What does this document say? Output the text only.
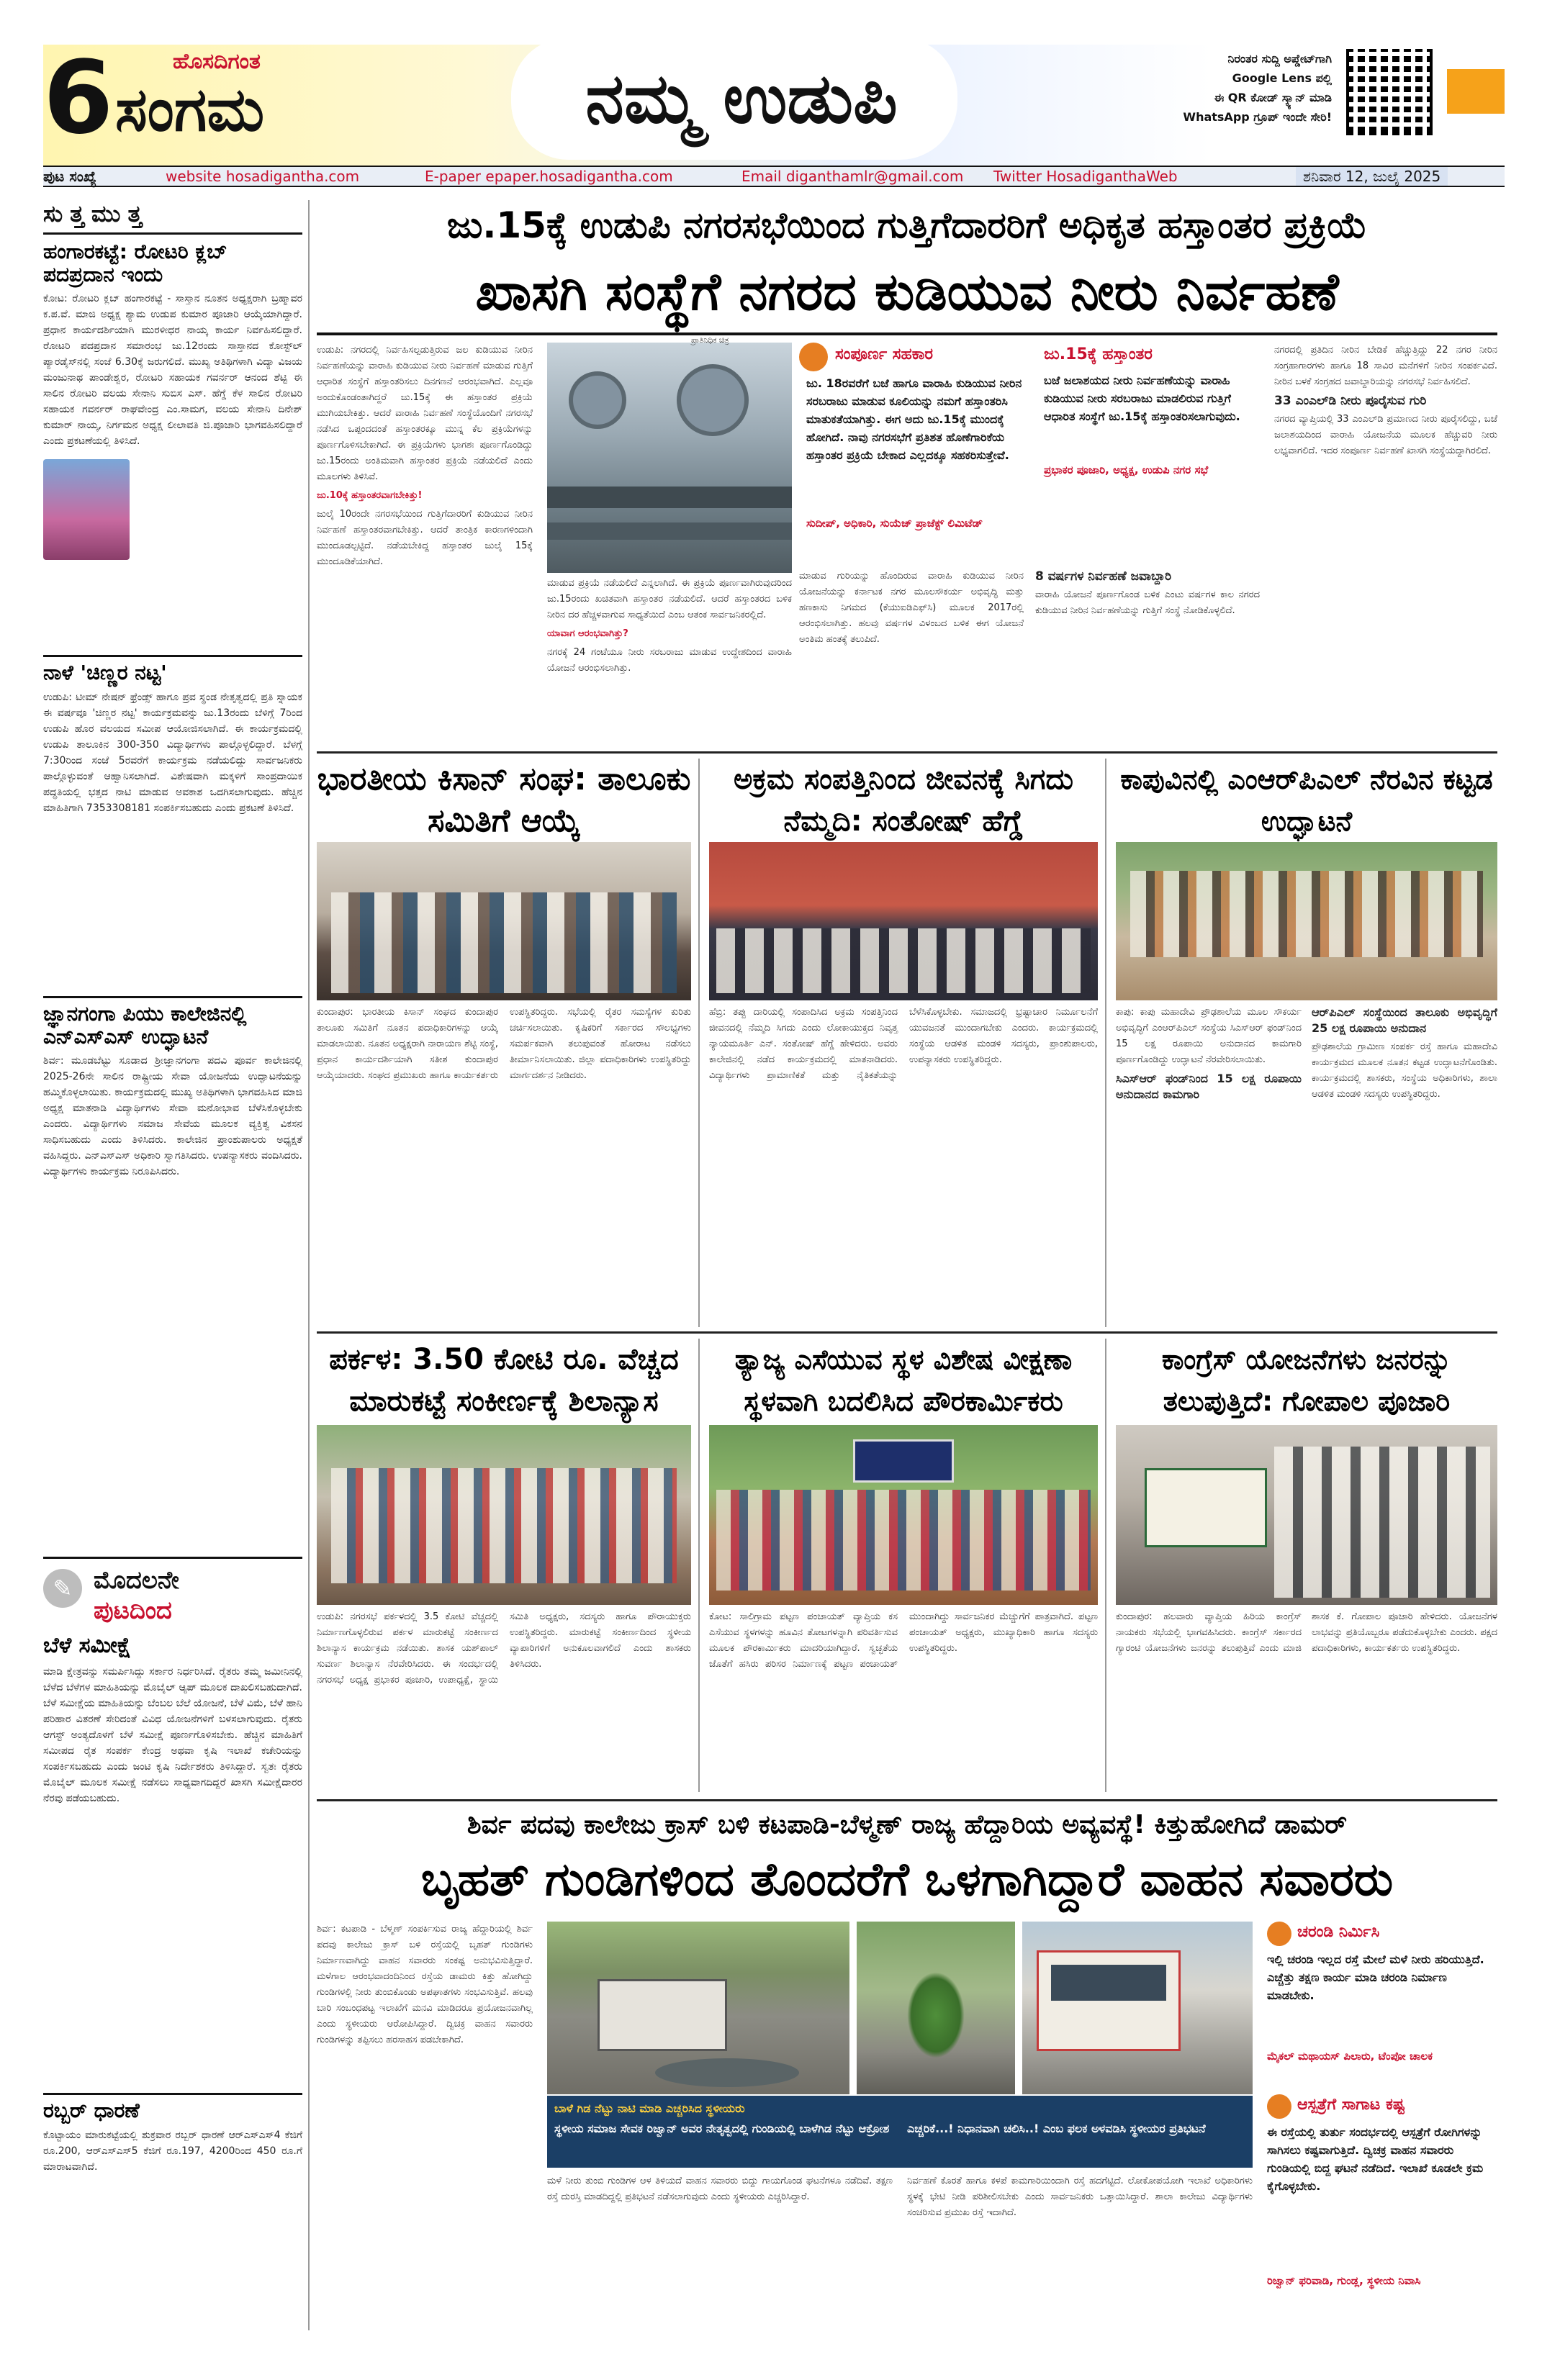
6	ಹೊಸದಿಗಂತ
ಸಂಗಮ	ನಮ್ಮ ಉಡುಪಿ	ನಿರಂತರ ಸುದ್ದಿ ಅಪ್ಡೇಟ್‌ಗಾಗಿ
Google Lens ಪಲ್ಲಿ
ಈ QR ಕೋಡ್ ಸ್ಕ್ಯಾನ್ ಮಾಡಿ
WhatsApp ಗ್ರೂಪ್ ಇಂದೇ ಸೇರಿ!
ಪುಟ ಸಂಖ್ಯೆ	website hosadigantha.com	E-paper epaper.hosadigantha.com	Email diganthamlr@gmail.com Twitter HosadiganthaWeb	ಶನಿವಾರ 12, ಜುಲೈ 2025
ಸುತ್ತಮುತ್ತ
ಹಂಗಾರಕಟ್ಟೆ: ರೋಟರಿ ಕ್ಲಬ್ ಪದಪ್ರದಾನ ಇಂದು
ಕೋಟ: ರೋಟರಿ ಕ್ಲಬ್ ಹಂಗಾರಕಟ್ಟೆ - ಸಾಸ್ತಾನ ನೂತನ ಅಧ್ಯಕ್ಷರಾಗಿ ಬ್ರಹ್ಮಾವರ ಕ.ಪ.ವೆ. ಮಾಜಿ ಅಧ್ಯಕ್ಷ ಶ್ಯಾಮ ಉಡುಪ ಕುಮಾರ ಪೂಜಾರಿ ಆಯ್ಕೆಯಾಗಿದ್ದಾರೆ. ಪ್ರಧಾನ ಕಾರ್ಯದರ್ಶಿಯಾಗಿ ಮುರಳೀಧರ ನಾಯ್ಕ ಕಾರ್ಯ ನಿರ್ವಹಿಸಲಿದ್ದಾರೆ. ರೋಟರಿ ಪದಪ್ರದಾನ ಸಮಾರಂಭ ಜು.12ರಂದು ಸಾಸ್ತಾನದ ಕೋಸ್ಟ್‌ಲ್ ಪ್ಯಾರಡೈಸ್‌ನಲ್ಲಿ ಸಂಜೆ 6.30ಕ್ಕೆ ಜರುಗಲಿದೆ. ಮುಖ್ಯ ಅತಿಥಿಗಳಾಗಿ ವಿದ್ಯಾ ವಿಜಯ ಮಂಜುನಾಥ ಪಾಂಡೇಶ್ವರ, ರೋಟರಿ ಸಹಾಯಕ ಗವರ್ನರ್ ಆನಂದ ಶೆಟ್ಟಿ ಈ ಸಾಲಿನ ರೋಟರಿ ವಲಯ ಸೇನಾನಿ ಸುಬಿಸ ಎಸ್. ಹೆಗ್ಡೆ ಕೆಳ ಸಾಲಿನ ರೋಟರಿ ಸಹಾಯಕ ಗವರ್ನರ್ ರಾಘವೇಂದ್ರ ಎಂ.ಸಾಮಗ, ವಲಯ ಸೇನಾನಿ ದಿನೇಶ್ ಕುಮಾರ್ ನಾಯ್ಕ, ನಿರ್ಗಮನ ಅಧ್ಯಕ್ಷ ಲೀಲಾವತಿ ಜಿ.ಪೂಜಾರಿ ಭಾಗವಹಿಸಲಿದ್ದಾರೆ ಎಂದು ಪ್ರಕಟಣೆಯಲ್ಲಿ ತಿಳಿಸಿದೆ.
ನಾಳೆ 'ಚಿಣ್ಣರ ನಟ್ಟ'
ಉಡುಪಿ: ಟೀಮ್ ನೇಷನ್ ಫ್ರೆಂಡ್ಸ್ ಹಾಗೂ ಪ್ರವ ಸ್ಥಂಡ ನೇತೃತ್ವದಲ್ಲಿ ಪ್ರತಿ ಸ್ನಾಯಕ ಈ ವರ್ಷವೂ 'ಚಿಣ್ಣರ ನಟ್ಟ' ಕಾರ್ಯಕ್ರಮವನ್ನು ಜು.13ರಂದು ಬೆಳಿಗ್ಗೆ 7ರಿಂದ ಉಡುಪಿ ಹೊರ ವಲಯದ ಸಮೀಪ ಆಯೋಜಿಸಲಾಗಿದೆ. ಈ ಕಾರ್ಯಕ್ರಮದಲ್ಲಿ ಉಡುಪಿ ತಾಲೂಕಿನ 300-350 ವಿದ್ಯಾರ್ಥಿಗಳು ಪಾಲ್ಗೊಳ್ಳಲಿದ್ದಾರೆ. ಬೆಳಗ್ಗೆ 7:30ರಿಂದ ಸಂಜೆ 5ರವರೆಗೆ ಕಾರ್ಯಕ್ರಮ ನಡೆಯಲಿದ್ದು ಸಾರ್ವಜನಿಕರು ಪಾಲ್ಗೊಳ್ಳುವಂತೆ ಆಹ್ವಾನಿಸಲಾಗಿದೆ. ವಿಶೇಷವಾಗಿ ಮಕ್ಕಳಿಗೆ ಸಾಂಪ್ರದಾಯಿಕ ಪದ್ಧತಿಯಲ್ಲಿ ಭತ್ತದ ನಾಟಿ ಮಾಡುವ ಅವಕಾಶ ಒದಗಿಸಲಾಗುವುದು. ಹೆಚ್ಚಿನ ಮಾಹಿತಿಗಾಗಿ 7353308181 ಸಂಪರ್ಕಿಸಬಹುದು ಎಂದು ಪ್ರಕಟಣೆ ತಿಳಿಸಿದೆ.
ಜ್ಞಾನಗಂಗಾ ಪಿಯು ಕಾಲೇಜಿನಲ್ಲಿ ಎನ್ಎಸ್ಎಸ್ ಉದ್ಘಾಟನೆ
ಶಿರ್ವ: ಮೂಡಬೆಟ್ಟು ಸೂಡಾದ ಶ್ರೀಜ್ಞಾನಗಂಗಾ ಪದವಿ ಪೂರ್ವ ಕಾಲೇಜಿನಲ್ಲಿ 2025-26ನೇ ಸಾಲಿನ ರಾಷ್ಟ್ರೀಯ ಸೇವಾ ಯೋಜನೆಯ ಉದ್ಘಾಟನೆಯನ್ನು ಹಮ್ಮಿಕೊಳ್ಳಲಾಯಿತು. ಕಾರ್ಯಕ್ರಮದಲ್ಲಿ ಮುಖ್ಯ ಅತಿಥಿಗಳಾಗಿ ಭಾಗವಹಿಸಿದ ಮಾಜಿ ಅಧ್ಯಕ್ಷ ಮಾತನಾಡಿ ವಿದ್ಯಾರ್ಥಿಗಳು ಸೇವಾ ಮನೋಭಾವ ಬೆಳೆಸಿಕೊಳ್ಳಬೇಕು ಎಂದರು. ವಿದ್ಯಾರ್ಥಿಗಳು ಸಮಾಜ ಸೇವೆಯ ಮೂಲಕ ವ್ಯಕ್ತಿತ್ವ ವಿಕಸನ ಸಾಧಿಸಬಹುದು ಎಂದು ತಿಳಿಸಿದರು. ಕಾಲೇಜಿನ ಪ್ರಾಂಶುಪಾಲರು ಅಧ್ಯಕ್ಷತೆ ವಹಿಸಿದ್ದರು. ಎನ್ಎಸ್ಎಸ್ ಅಧಿಕಾರಿ ಸ್ವಾಗತಿಸಿದರು. ಉಪನ್ಯಾಸಕರು ವಂದಿಸಿದರು. ವಿದ್ಯಾರ್ಥಿಗಳು ಕಾರ್ಯಕ್ರಮ ನಿರೂಪಿಸಿದರು.
✎ ಮೊದಲನೇ
ಪುಟದಿಂದ
ಬೆಳೆ ಸಮೀಕ್ಷೆ
ಮಾಡಿ ಕ್ಷೇತ್ರವನ್ನು ಸಮರ್ಪಿಸಿದ್ದು ಸರ್ಕಾರ ನಿರ್ಧರಿಸಿದೆ. ರೈತರು ತಮ್ಮ ಜಮೀನಿನಲ್ಲಿ ಬೆಳೆದ ಬೆಳೆಗಳ ಮಾಹಿತಿಯನ್ನು ಮೊಬೈಲ್ ಆ್ಯಪ್ ಮೂಲಕ ದಾಖಲಿಸಬಹುದಾಗಿದೆ. ಬೆಳೆ ಸಮೀಕ್ಷೆಯ ಮಾಹಿತಿಯನ್ನು ಬೆಂಬಲ ಬೆಲೆ ಯೋಜನೆ, ಬೆಳೆ ವಿಮೆ, ಬೆಳೆ ಹಾನಿ ಪರಿಹಾರ ವಿತರಣೆ ಸೇರಿದಂತೆ ವಿವಿಧ ಯೋಜನೆಗಳಿಗೆ ಬಳಸಲಾಗುವುದು. ರೈತರು ಆಗಸ್ಟ್ ಅಂತ್ಯದೊಳಗೆ ಬೆಳೆ ಸಮೀಕ್ಷೆ ಪೂರ್ಣಗೊಳಿಸಬೇಕು. ಹೆಚ್ಚಿನ ಮಾಹಿತಿಗೆ ಸಮೀಪದ ರೈತ ಸಂಪರ್ಕ ಕೇಂದ್ರ ಅಥವಾ ಕೃಷಿ ಇಲಾಖೆ ಕಚೇರಿಯನ್ನು ಸಂಪರ್ಕಿಸಬಹುದು ಎಂದು ಜಂಟಿ ಕೃಷಿ ನಿರ್ದೇಶಕರು ತಿಳಿಸಿದ್ದಾರೆ. ಸ್ವತಃ ರೈತರು ಮೊಬೈಲ್ ಮೂಲಕ ಸಮೀಕ್ಷೆ ನಡೆಸಲು ಸಾಧ್ಯವಾಗದಿದ್ದರೆ ಖಾಸಗಿ ಸಮೀಕ್ಷೆದಾರರ ನೆರವು ಪಡೆಯಬಹುದು.
ರಬ್ಬರ್ ಧಾರಣೆ
ಕೊಟ್ಟಾಯಂ ಮಾರುಕಟ್ಟೆಯಲ್ಲಿ ಶುಕ್ರವಾರ ರಬ್ಬರ್ ಧಾರಣೆ ಆರ್‌ಎಸ್‌ಎಸ್‌4 ಕೆಜಿಗೆ ರೂ.200, ಆರ್‌ಎಸ್‌ಎಸ್‌5 ಕೆಜಿಗೆ ರೂ.197, 4200ರಿಂದ 450 ರೂ.ಗೆ ಮಾರಾಟವಾಗಿದೆ.
ಜು.15ಕ್ಕೆ ಉಡುಪಿ ನಗರಸಭೆಯಿಂದ ಗುತ್ತಿಗೆದಾರರಿಗೆ ಅಧಿಕೃತ ಹಸ್ತಾಂತರ ಪ್ರಕ್ರಿಯೆ
ಖಾಸಗಿ ಸಂಸ್ಥೆಗೆ ನಗರದ ಕುಡಿಯುವ ನೀರು ನಿರ್ವಹಣೆ

ಉಡುಪಿ: ನಗರದಲ್ಲಿ ನಿರ್ವಹಿಸಲ್ಪಡುತ್ತಿರುವ ಜಲ ಕುಡಿಯುವ ನೀರಿನ ನಿರ್ವಹಣೆಯನ್ನು ವಾರಾಹಿ ಕುಡಿಯುವ ನೀರು ನಿರ್ವಹಣೆ ಮಾಡುವ ಗುತ್ತಿಗೆ ಆಧಾರಿತ ಸಂಸ್ಥೆಗೆ ಹಸ್ತಾಂತರಿಸಲು ದಿನಗಣನೆ ಆರಂಭವಾಗಿದೆ. ಎಲ್ಲವೂ ಅಂದುಕೊಂಡಂತಾಗಿದ್ದರೆ ಜು.15ಕ್ಕೆ ಈ ಹಸ್ತಾಂತರ ಪ್ರಕ್ರಿಯೆ ಮುಗಿಯಬೇಕಿತ್ತು. ಆದರೆ ವಾರಾಹಿ ನಿರ್ವಹಣೆ ಸಂಸ್ಥೆಯೊಂದಿಗೆ ನಗರಸಭೆ ನಡೆಸಿದ ಒಪ್ಪಂದದಂತೆ ಹಸ್ತಾಂತರಕ್ಕೂ ಮುನ್ನ ಕೆಲ ಪ್ರಕ್ರಿಯೆಗಳನ್ನು ಪೂರ್ಣಗೊಳಿಸಬೇಕಾಗಿದೆ. ಈ ಪ್ರಕ್ರಿಯೆಗಳು ಭಾಗಶಃ ಪೂರ್ಣಗೊಂಡಿದ್ದು ಜು.15ರಂದು ಅಂತಿಮವಾಗಿ ಹಸ್ತಾಂತರ ಪ್ರಕ್ರಿಯೆ ನಡೆಯಲಿದೆ ಎಂದು ಮೂಲಗಳು ತಿಳಿಸಿವೆ.

ಜು.10ಕ್ಕೆ ಹಸ್ತಾಂತರವಾಗಬೇಕಿತ್ತು!

ಜುಲೈ 10ರಂದೇ ನಗರಸಭೆಯಿಂದ ಗುತ್ತಿಗೆದಾರರಿಗೆ ಕುಡಿಯುವ ನೀರಿನ ನಿರ್ವಹಣೆ ಹಸ್ತಾಂತರವಾಗಬೇಕಿತ್ತು. ಆದರೆ ತಾಂತ್ರಿಕ ಕಾರಣಗಳಿಂದಾಗಿ ಮುಂದೂಡಲ್ಪಟ್ಟಿದೆ. ನಡೆಯಬೇಕಿದ್ದ ಹಸ್ತಾಂತರ ಜುಲೈ 15ಕ್ಕೆ ಮುಂದೂಡಿಕೆಯಾಗಿದೆ.

ಪ್ರಾತಿನಿಧಿಕ ಚಿತ್ರ

ಮಾಡುವ ಪ್ರಕ್ರಿಯೆ ನಡೆಯಲಿದೆ ಎನ್ನಲಾಗಿದೆ. ಈ ಪ್ರಕ್ರಿಯೆ ಪೂರ್ಣವಾಗಿರುವುದರಿಂದ ಜು.15ರಂದು ಖಚಿತವಾಗಿ ಹಸ್ತಾಂತರ ನಡೆಯಲಿದೆ. ಆದರೆ ಹಸ್ತಾಂತರದ ಬಳಿಕ ನೀರಿನ ದರ ಹೆಚ್ಚಳವಾಗುವ ಸಾಧ್ಯತೆಯಿದೆ ಎಂಬ ಆತಂಕ ಸಾರ್ವಜನಿಕರಲ್ಲಿದೆ.

ಯಾವಾಗ ಆರಂಭವಾಗಿತ್ತು?

ನಗರಕ್ಕೆ 24 ಗಂಟೆಯೂ ನೀರು ಸರಬರಾಜು ಮಾಡುವ ಉದ್ದೇಶದಿಂದ ವಾರಾಹಿ ಯೋಜನೆ ಆರಂಭಿಸಲಾಗಿತ್ತು.

ಸಂಪೂರ್ಣ ಸಹಕಾರ
ಜು. 18ರವರೆಗೆ ಬಜೆ ಹಾಗೂ ವಾರಾಹಿ ಕುಡಿಯುವ ನೀರಿನ ಸರಬರಾಜು ಮಾಡುವ ಕೂಲಿಯನ್ನು ನಮಗೆ ಹಸ್ತಾಂತರಿಸಿ ಮಾತುಕತೆಯಾಗಿತ್ತು. ಈಗ ಅದು ಜು.15ಕ್ಕೆ ಮುಂದಕ್ಕೆ ಹೋಗಿದೆ. ನಾವು ನಗರಸಭೆಗೆ ಪ್ರತಿಶತ ಹೊಣೆಗಾರಿಕೆಯ ಹಸ್ತಾಂತರ ಪ್ರಕ್ರಿಯೆ ಬೇಕಾದ ಎಲ್ಲದಕ್ಕೂ ಸಹಕರಿಸುತ್ತೇವೆ.
ಸುದೀಪ್, ಅಧಿಕಾರಿ, ಸುಯೆಜ್ ಪ್ರಾಜೆಕ್ಟ್ ಲಿಮಿಟೆಡ್
ಜು.15ಕ್ಕೆ ಹಸ್ತಾಂತರ
ಬಜೆ ಜಲಾಶಯದ ನೀರು ನಿರ್ವಹಣೆಯನ್ನು ವಾರಾಹಿ ಕುಡಿಯುವ ನೀರು ಸರಬರಾಜು ಮಾಡಲಿರುವ ಗುತ್ತಿಗೆ ಆಧಾರಿತ ಸಂಸ್ಥೆಗೆ ಜು.15ಕ್ಕೆ ಹಸ್ತಾಂತರಿಸಲಾಗುವುದು.
ಪ್ರಭಾಕರ ಪೂಜಾರಿ, ಅಧ್ಯಕ್ಷ, ಉಡುಪಿ ನಗರ ಸಭೆ

ಮಾಡುವ ಗುರಿಯನ್ನು ಹೊಂದಿರುವ ವಾರಾಹಿ ಕುಡಿಯುವ ನೀರಿನ ಯೋಜನೆಯನ್ನು ಕರ್ನಾಟಕ ನಗರ ಮೂಲಸೌಕರ್ಯ ಅಭಿವೃದ್ಧಿ ಮತ್ತು ಹಣಕಾಸು ನಿಗಮದ (ಕೆಯುಐಡಿಎಫ್‌ಸಿ) ಮೂಲಕ 2017ರಲ್ಲಿ ಆರಂಭಿಸಲಾಗಿತ್ತು. ಹಲವು ವರ್ಷಗಳ ವಿಳಂಬದ ಬಳಿಕ ಈಗ ಯೋಜನೆ ಅಂತಿಮ ಹಂತಕ್ಕೆ ತಲುಪಿದೆ.

8 ವರ್ಷಗಳ ನಿರ್ವಹಣೆ ಜವಾಬ್ದಾರಿ

ವಾರಾಹಿ ಯೋಜನೆ ಪೂರ್ಣಗೊಂಡ ಬಳಿಕ ಎಂಟು ವರ್ಷಗಳ ಕಾಲ ನಗರದ ಕುಡಿಯುವ ನೀರಿನ ನಿರ್ವಹಣೆಯನ್ನು ಗುತ್ತಿಗೆ ಸಂಸ್ಥೆ ನೋಡಿಕೊಳ್ಳಲಿದೆ.

ನಗರದಲ್ಲಿ ಪ್ರತಿದಿನ ನೀರಿನ ಬೇಡಿಕೆ ಹೆಚ್ಚುತ್ತಿದ್ದು 22 ನಗರ ನೀರಿನ ಸಂಗ್ರಹಾಗಾರಗಳು ಹಾಗೂ 18 ಸಾವಿರ ಮನೆಗಳಿಗೆ ನೀರಿನ ಸಂಪರ್ಕವಿದೆ. ನೀರಿನ ಬಳಕೆ ಸಂಗ್ರಹದ ಜವಾಬ್ದಾರಿಯನ್ನು ನಗರಸಭೆ ನಿರ್ವಹಿಸಲಿದೆ.

33 ಎಂಎಲ್‌ಡಿ ನೀರು ಪೂರೈಸುವ ಗುರಿ

ನಗರದ ವ್ಯಾಪ್ತಿಯಲ್ಲಿ 33 ಎಂಎಲ್‌ಡಿ ಪ್ರಮಾಣದ ನೀರು ಪೂರೈಸಲಿದ್ದು, ಬಜೆ ಜಲಾಶಯದಿಂದ ವಾರಾಹಿ ಯೋಜನೆಯ ಮೂಲಕ ಹೆಚ್ಚುವರಿ ನೀರು ಲಭ್ಯವಾಗಲಿದೆ. ಇದರ ಸಂಪೂರ್ಣ ನಿರ್ವಹಣೆ ಖಾಸಗಿ ಸಂಸ್ಥೆಯದ್ದಾಗಿರಲಿದೆ.

ಭಾರತೀಯ ಕಿಸಾನ್ ಸಂಘ: ತಾಲೂಕು ಸಮಿತಿಗೆ ಆಯ್ಕೆ
ಕುಂದಾಪುರ: ಭಾರತೀಯ ಕಿಸಾನ್ ಸಂಘದ ಕುಂದಾಪುರ ತಾಲೂಕು ಸಮಿತಿಗೆ ನೂತನ ಪದಾಧಿಕಾರಿಗಳನ್ನು ಆಯ್ಕೆ ಮಾಡಲಾಯಿತು. ನೂತನ ಅಧ್ಯಕ್ಷರಾಗಿ ನಾರಾಯಣ ಶೆಟ್ಟಿ ಸಂಸ್ಥೆ, ಪ್ರಧಾನ ಕಾರ್ಯದರ್ಶಿಯಾಗಿ ಸತೀಶ ಕುಂದಾಪುರ ಆಯ್ಕೆಯಾದರು. ಸಂಘದ ಪ್ರಮುಖರು ಹಾಗೂ ಕಾರ್ಯಕರ್ತರು ಉಪಸ್ಥಿತರಿದ್ದರು. ಸಭೆಯಲ್ಲಿ ರೈತರ ಸಮಸ್ಯೆಗಳ ಕುರಿತು ಚರ್ಚಿಸಲಾಯಿತು. ಕೃಷಿಕರಿಗೆ ಸರ್ಕಾರದ ಸೌಲಭ್ಯಗಳು ಸಮರ್ಪಕವಾಗಿ ತಲುಪುವಂತೆ ಹೋರಾಟ ನಡೆಸಲು ತೀರ್ಮಾನಿಸಲಾಯಿತು. ಜಿಲ್ಲಾ ಪದಾಧಿಕಾರಿಗಳು ಉಪಸ್ಥಿತರಿದ್ದು ಮಾರ್ಗದರ್ಶನ ನೀಡಿದರು.
ಅಕ್ರಮ ಸಂಪತ್ತಿನಿಂದ ಜೀವನಕ್ಕೆ ಸಿಗದು ನೆಮ್ಮದಿ: ಸಂತೋಷ್ ಹೆಗ್ಡೆ
ಹೆಬ್ರಿ: ತಪ್ಪು ದಾರಿಯಲ್ಲಿ ಸಂಪಾದಿಸಿದ ಅಕ್ರಮ ಸಂಪತ್ತಿನಿಂದ ಜೀವನದಲ್ಲಿ ನೆಮ್ಮದಿ ಸಿಗದು ಎಂದು ಲೋಕಾಯುಕ್ತದ ನಿವೃತ್ತ ನ್ಯಾಯಮೂರ್ತಿ ಎನ್. ಸಂತೋಷ್ ಹೆಗ್ಡೆ ಹೇಳಿದರು. ಅವರು ಕಾಲೇಜಿನಲ್ಲಿ ನಡೆದ ಕಾರ್ಯಕ್ರಮದಲ್ಲಿ ಮಾತನಾಡಿದರು. ವಿದ್ಯಾರ್ಥಿಗಳು ಪ್ರಾಮಾಣಿಕತೆ ಮತ್ತು ನೈತಿಕತೆಯನ್ನು ಬೆಳೆಸಿಕೊಳ್ಳಬೇಕು. ಸಮಾಜದಲ್ಲಿ ಭ್ರಷ್ಟಾಚಾರ ನಿರ್ಮೂಲನೆಗೆ ಯುವಜನತೆ ಮುಂದಾಗಬೇಕು ಎಂದರು. ಕಾರ್ಯಕ್ರಮದಲ್ಲಿ ಸಂಸ್ಥೆಯ ಆಡಳಿತ ಮಂಡಳಿ ಸದಸ್ಯರು, ಪ್ರಾಂಶುಪಾಲರು, ಉಪನ್ಯಾಸಕರು ಉಪಸ್ಥಿತರಿದ್ದರು.
ಕಾಪುವಿನಲ್ಲಿ ಎಂಆರ್‌ಪಿಎಲ್ ನೆರವಿನ ಕಟ್ಟಡ ಉದ್ಘಾಟನೆ

ಕಾಪು: ಕಾಪು ಮಹಾದೇವಿ ಪ್ರೌಢಶಾಲೆಯ ಮೂಲ ಸೌಕರ್ಯ ಅಭಿವೃದ್ಧಿಗೆ ಎಂಆರ್‌ಪಿಎಲ್ ಸಂಸ್ಥೆಯ ಸಿಎಸ್ಆರ್ ಫಂಡ್‌ನಿಂದ 15 ಲಕ್ಷ ರೂಪಾಯಿ ಅನುದಾನದ ಕಾಮಗಾರಿ ಪೂರ್ಣಗೊಂಡಿದ್ದು ಉದ್ಘಾಟನೆ ನೆರವೇರಿಸಲಾಯಿತು.

ಸಿಎಸ್ಆರ್ ಫಂಡ್‌ನಿಂದ 15 ಲಕ್ಷ ರೂಪಾಯಿ ಅನುದಾನದ ಕಾಮಗಾರಿ

ಆರ್‌ಪಿಎಲ್ ಸಂಸ್ಥೆಯಿಂದ ತಾಲೂಕು ಅಭಿವೃದ್ಧಿಗೆ 25 ಲಕ್ಷ ರೂಪಾಯಿ ಅನುದಾನ

ಪ್ರೌಢಶಾಲೆಯ ಗ್ರಾಮೀಣ ಸಂಪರ್ಕ ರಸ್ತೆ ಹಾಗೂ ಮಹಾದೇವಿ ಕಾರ್ಯಕ್ರಮದ ಮೂಲಕ ನೂತನ ಕಟ್ಟಡ ಉದ್ಘಾಟನೆಗೊಂಡಿತು. ಕಾರ್ಯಕ್ರಮದಲ್ಲಿ ಶಾಸಕರು, ಸಂಸ್ಥೆಯ ಅಧಿಕಾರಿಗಳು, ಶಾಲಾ ಆಡಳಿತ ಮಂಡಳಿ ಸದಸ್ಯರು ಉಪಸ್ಥಿತರಿದ್ದರು.

ಪರ್ಕಳ: 3.50 ಕೋಟಿ ರೂ. ವೆಚ್ಚದ ಮಾರುಕಟ್ಟೆ ಸಂಕೀರ್ಣಕ್ಕೆ ಶಿಲಾನ್ಯಾಸ
ಉಡುಪಿ: ನಗರಸಭೆ ಪರ್ಕಳದಲ್ಲಿ 3.5 ಕೋಟಿ ವೆಚ್ಚದಲ್ಲಿ ನಿರ್ಮಾಣಗೊಳ್ಳಲಿರುವ ಪರ್ಕಳ ಮಾರುಕಟ್ಟೆ ಸಂಕೀರ್ಣದ ಶಿಲಾನ್ಯಾಸ ಕಾರ್ಯಕ್ರಮ ನಡೆಯಿತು. ಶಾಸಕ ಯಶ್‌ಪಾಲ್ ಸುವರ್ಣ ಶಿಲಾನ್ಯಾಸ ನೆರವೇರಿಸಿದರು. ಈ ಸಂದರ್ಭದಲ್ಲಿ ನಗರಸಭೆ ಅಧ್ಯಕ್ಷ ಪ್ರಭಾಕರ ಪೂಜಾರಿ, ಉಪಾಧ್ಯಕ್ಷೆ, ಸ್ಥಾಯಿ ಸಮಿತಿ ಅಧ್ಯಕ್ಷರು, ಸದಸ್ಯರು ಹಾಗೂ ಪೌರಾಯುಕ್ತರು ಉಪಸ್ಥಿತರಿದ್ದರು. ಮಾರುಕಟ್ಟೆ ಸಂಕೀರ್ಣದಿಂದ ಸ್ಥಳೀಯ ವ್ಯಾಪಾರಿಗಳಿಗೆ ಅನುಕೂಲವಾಗಲಿದೆ ಎಂದು ಶಾಸಕರು ತಿಳಿಸಿದರು.
ತ್ಯಾಜ್ಯ ಎಸೆಯುವ ಸ್ಥಳ ವಿಶೇಷ ವೀಕ್ಷಣಾ ಸ್ಥಳವಾಗಿ ಬದಲಿಸಿದ ಪೌರಕಾರ್ಮಿಕರು
ಕೋಟ: ಸಾಲಿಗ್ರಾಮ ಪಟ್ಟಣ ಪಂಚಾಯತ್ ವ್ಯಾಪ್ತಿಯ ಕಸ ಎಸೆಯುವ ಸ್ಥಳಗಳನ್ನು ಹೂವಿನ ತೋಟಗಳನ್ನಾಗಿ ಪರಿವರ್ತಿಸುವ ಮೂಲಕ ಪೌರಕಾರ್ಮಿಕರು ಮಾದರಿಯಾಗಿದ್ದಾರೆ. ಸ್ವಚ್ಛತೆಯ ಜೊತೆಗೆ ಹಸಿರು ಪರಿಸರ ನಿರ್ಮಾಣಕ್ಕೆ ಪಟ್ಟಣ ಪಂಚಾಯತ್ ಮುಂದಾಗಿದ್ದು ಸಾರ್ವಜನಿಕರ ಮೆಚ್ಚುಗೆಗೆ ಪಾತ್ರವಾಗಿದೆ. ಪಟ್ಟಣ ಪಂಚಾಯತ್ ಅಧ್ಯಕ್ಷರು, ಮುಖ್ಯಾಧಿಕಾರಿ ಹಾಗೂ ಸದಸ್ಯರು ಉಪಸ್ಥಿತರಿದ್ದರು.
ಕಾಂಗ್ರೆಸ್ ಯೋಜನೆಗಳು ಜನರನ್ನು ತಲುಪುತ್ತಿದೆ: ಗೋಪಾಲ ಪೂಜಾರಿ
ಕುಂದಾಪುರ: ಹಲವಾರು ವ್ಯಾಪ್ತಿಯ ಹಿರಿಯ ಕಾಂಗ್ರೆಸ್ ನಾಯಕರು ಸಭೆಯಲ್ಲಿ ಭಾಗವಹಿಸಿದರು. ಕಾಂಗ್ರೆಸ್ ಸರ್ಕಾರದ ಗ್ಯಾರಂಟಿ ಯೋಜನೆಗಳು ಜನರನ್ನು ತಲುಪುತ್ತಿವೆ ಎಂದು ಮಾಜಿ ಶಾಸಕ ಕೆ. ಗೋಪಾಲ ಪೂಜಾರಿ ಹೇಳಿದರು. ಯೋಜನೆಗಳ ಲಾಭವನ್ನು ಪ್ರತಿಯೊಬ್ಬರೂ ಪಡೆದುಕೊಳ್ಳಬೇಕು ಎಂದರು. ಪಕ್ಷದ ಪದಾಧಿಕಾರಿಗಳು, ಕಾರ್ಯಕರ್ತರು ಉಪಸ್ಥಿತರಿದ್ದರು.
ಶಿರ್ವ ಪದವು ಕಾಲೇಜು ಕ್ರಾಸ್ ಬಳಿ ಕಟಪಾಡಿ-ಬೆಳ್ಮಣ್ ರಾಜ್ಯ ಹೆದ್ದಾರಿಯ ಅವ್ಯವಸ್ಥೆ! ಕಿತ್ತುಹೋಗಿದೆ ಡಾಮರ್
ಬೃಹತ್ ಗುಂಡಿಗಳಿಂದ ತೊಂದರೆಗೆ ಒಳಗಾಗಿದ್ದಾರೆ ವಾಹನ ಸವಾರರು
ಶಿರ್ವ: ಕಟಪಾಡಿ - ಬೆಳ್ಮಣ್ ಸಂಪರ್ಕಿಸುವ ರಾಜ್ಯ ಹೆದ್ದಾರಿಯಲ್ಲಿ ಶಿರ್ವ ಪದವು ಕಾಲೇಜು ಕ್ರಾಸ್ ಬಳಿ ರಸ್ತೆಯಲ್ಲಿ ಬೃಹತ್ ಗುಂಡಿಗಳು ನಿರ್ಮಾಣವಾಗಿದ್ದು ವಾಹನ ಸವಾರರು ಸಂಕಷ್ಟ ಅನುಭವಿಸುತ್ತಿದ್ದಾರೆ. ಮಳೆಗಾಲ ಆರಂಭವಾದಂದಿನಿಂದ ರಸ್ತೆಯ ಡಾಮರು ಕಿತ್ತು ಹೋಗಿದ್ದು ಗುಂಡಿಗಳಲ್ಲಿ ನೀರು ತುಂಬಿಕೊಂಡು ಅಪಘಾತಗಳು ಸಂಭವಿಸುತ್ತಿವೆ. ಹಲವು ಬಾರಿ ಸಂಬಂಧಪಟ್ಟ ಇಲಾಖೆಗೆ ಮನವಿ ಮಾಡಿದರೂ ಪ್ರಯೋಜನವಾಗಿಲ್ಲ ಎಂದು ಸ್ಥಳೀಯರು ಆರೋಪಿಸಿದ್ದಾರೆ. ದ್ವಿಚಕ್ರ ವಾಹನ ಸವಾರರು ಗುಂಡಿಗಳನ್ನು ತಪ್ಪಿಸಲು ಹರಸಾಹಸ ಪಡಬೇಕಾಗಿದೆ.
ಬಾಳೆ ಗಿಡ ನೆಟ್ಟು ನಾಟಿ ಮಾಡಿ ಎಚ್ಚರಿಸಿದ ಸ್ಥಳೀಯರು
ಸ್ಥಳೀಯ ಸಮಾಜ ಸೇವಕ ರಿಜ್ವಾನ್ ಅವರ ನೇತೃತ್ವದಲ್ಲಿ ಗುಂಡಿಯಲ್ಲಿ ಬಾಳೆಗಿಡ ನೆಟ್ಟು ಆಕ್ರೋಶ ಎಚ್ಚರಿಕೆ...! ನಿಧಾನವಾಗಿ ಚಲಿಸಿ..! ಎಂಬ ಫಲಕ ಅಳವಡಿಸಿ ಸ್ಥಳೀಯರ ಪ್ರತಿಭಟನೆ
ಮಳೆ ನೀರು ತುಂಬಿ ಗುಂಡಿಗಳ ಆಳ ತಿಳಿಯದೆ ವಾಹನ ಸವಾರರು ಬಿದ್ದು ಗಾಯಗೊಂಡ ಘಟನೆಗಳೂ ನಡೆದಿವೆ. ತಕ್ಷಣ ರಸ್ತೆ ದುರಸ್ತಿ ಮಾಡದಿದ್ದಲ್ಲಿ ಪ್ರತಿಭಟನೆ ನಡೆಸಲಾಗುವುದು ಎಂದು ಸ್ಥಳೀಯರು ಎಚ್ಚರಿಸಿದ್ದಾರೆ.
ನಿರ್ವಹಣೆ ಕೊರತೆ ಹಾಗೂ ಕಳಪೆ ಕಾಮಗಾರಿಯಿಂದಾಗಿ ರಸ್ತೆ ಹದಗೆಟ್ಟಿದೆ. ಲೋಕೋಪಯೋಗಿ ಇಲಾಖೆ ಅಧಿಕಾರಿಗಳು ಸ್ಥಳಕ್ಕೆ ಭೇಟಿ ನೀಡಿ ಪರಿಶೀಲಿಸಬೇಕು ಎಂದು ಸಾರ್ವಜನಿಕರು ಒತ್ತಾಯಿಸಿದ್ದಾರೆ. ಶಾಲಾ ಕಾಲೇಜು ವಿದ್ಯಾರ್ಥಿಗಳು ಸಂಚರಿಸುವ ಪ್ರಮುಖ ರಸ್ತೆ ಇದಾಗಿದೆ.
ಚರಂಡಿ ನಿರ್ಮಿಸಿ
ಇಲ್ಲಿ ಚರಂಡಿ ಇಲ್ಲದ ರಸ್ತೆ ಮೇಲೆ ಮಳೆ ನೀರು ಹರಿಯುತ್ತಿದೆ. ಎಚ್ಚೆತ್ತು ತಕ್ಷಣ ಕಾರ್ಯ ಮಾಡಿ ಚರಂಡಿ ನಿರ್ಮಾಣ ಮಾಡಬೇಕು.
ಮೈಕಲ್ ಮಥಾಯಸ್ ಪಿಲಾರು, ಟೆಂಪೋ ಚಾಲಕ
ಆಸ್ಪತ್ರೆಗೆ ಸಾಗಾಟ ಕಷ್ಟ
ಈ ರಸ್ತೆಯಲ್ಲಿ ತುರ್ತು ಸಂದರ್ಭದಲ್ಲಿ ಆಸ್ಪತ್ರೆಗೆ ರೋಗಿಗಳನ್ನು ಸಾಗಿಸಲು ಕಷ್ಟವಾಗುತ್ತಿದೆ. ದ್ವಿಚಕ್ರ ವಾಹನ ಸವಾರರು ಗುಂಡಿಯಲ್ಲಿ ಬಿದ್ದ ಘಟನೆ ನಡೆದಿದೆ. ಇಲಾಖೆ ಕೂಡಲೇ ಕ್ರಮ ಕೈಗೊಳ್ಳಬೇಕು.
ರಿಜ್ವಾನ್ ಫರಿವಾಡಿ, ಗುಂಡ್ಲ, ಸ್ಥಳೀಯ ನಿವಾಸಿ
